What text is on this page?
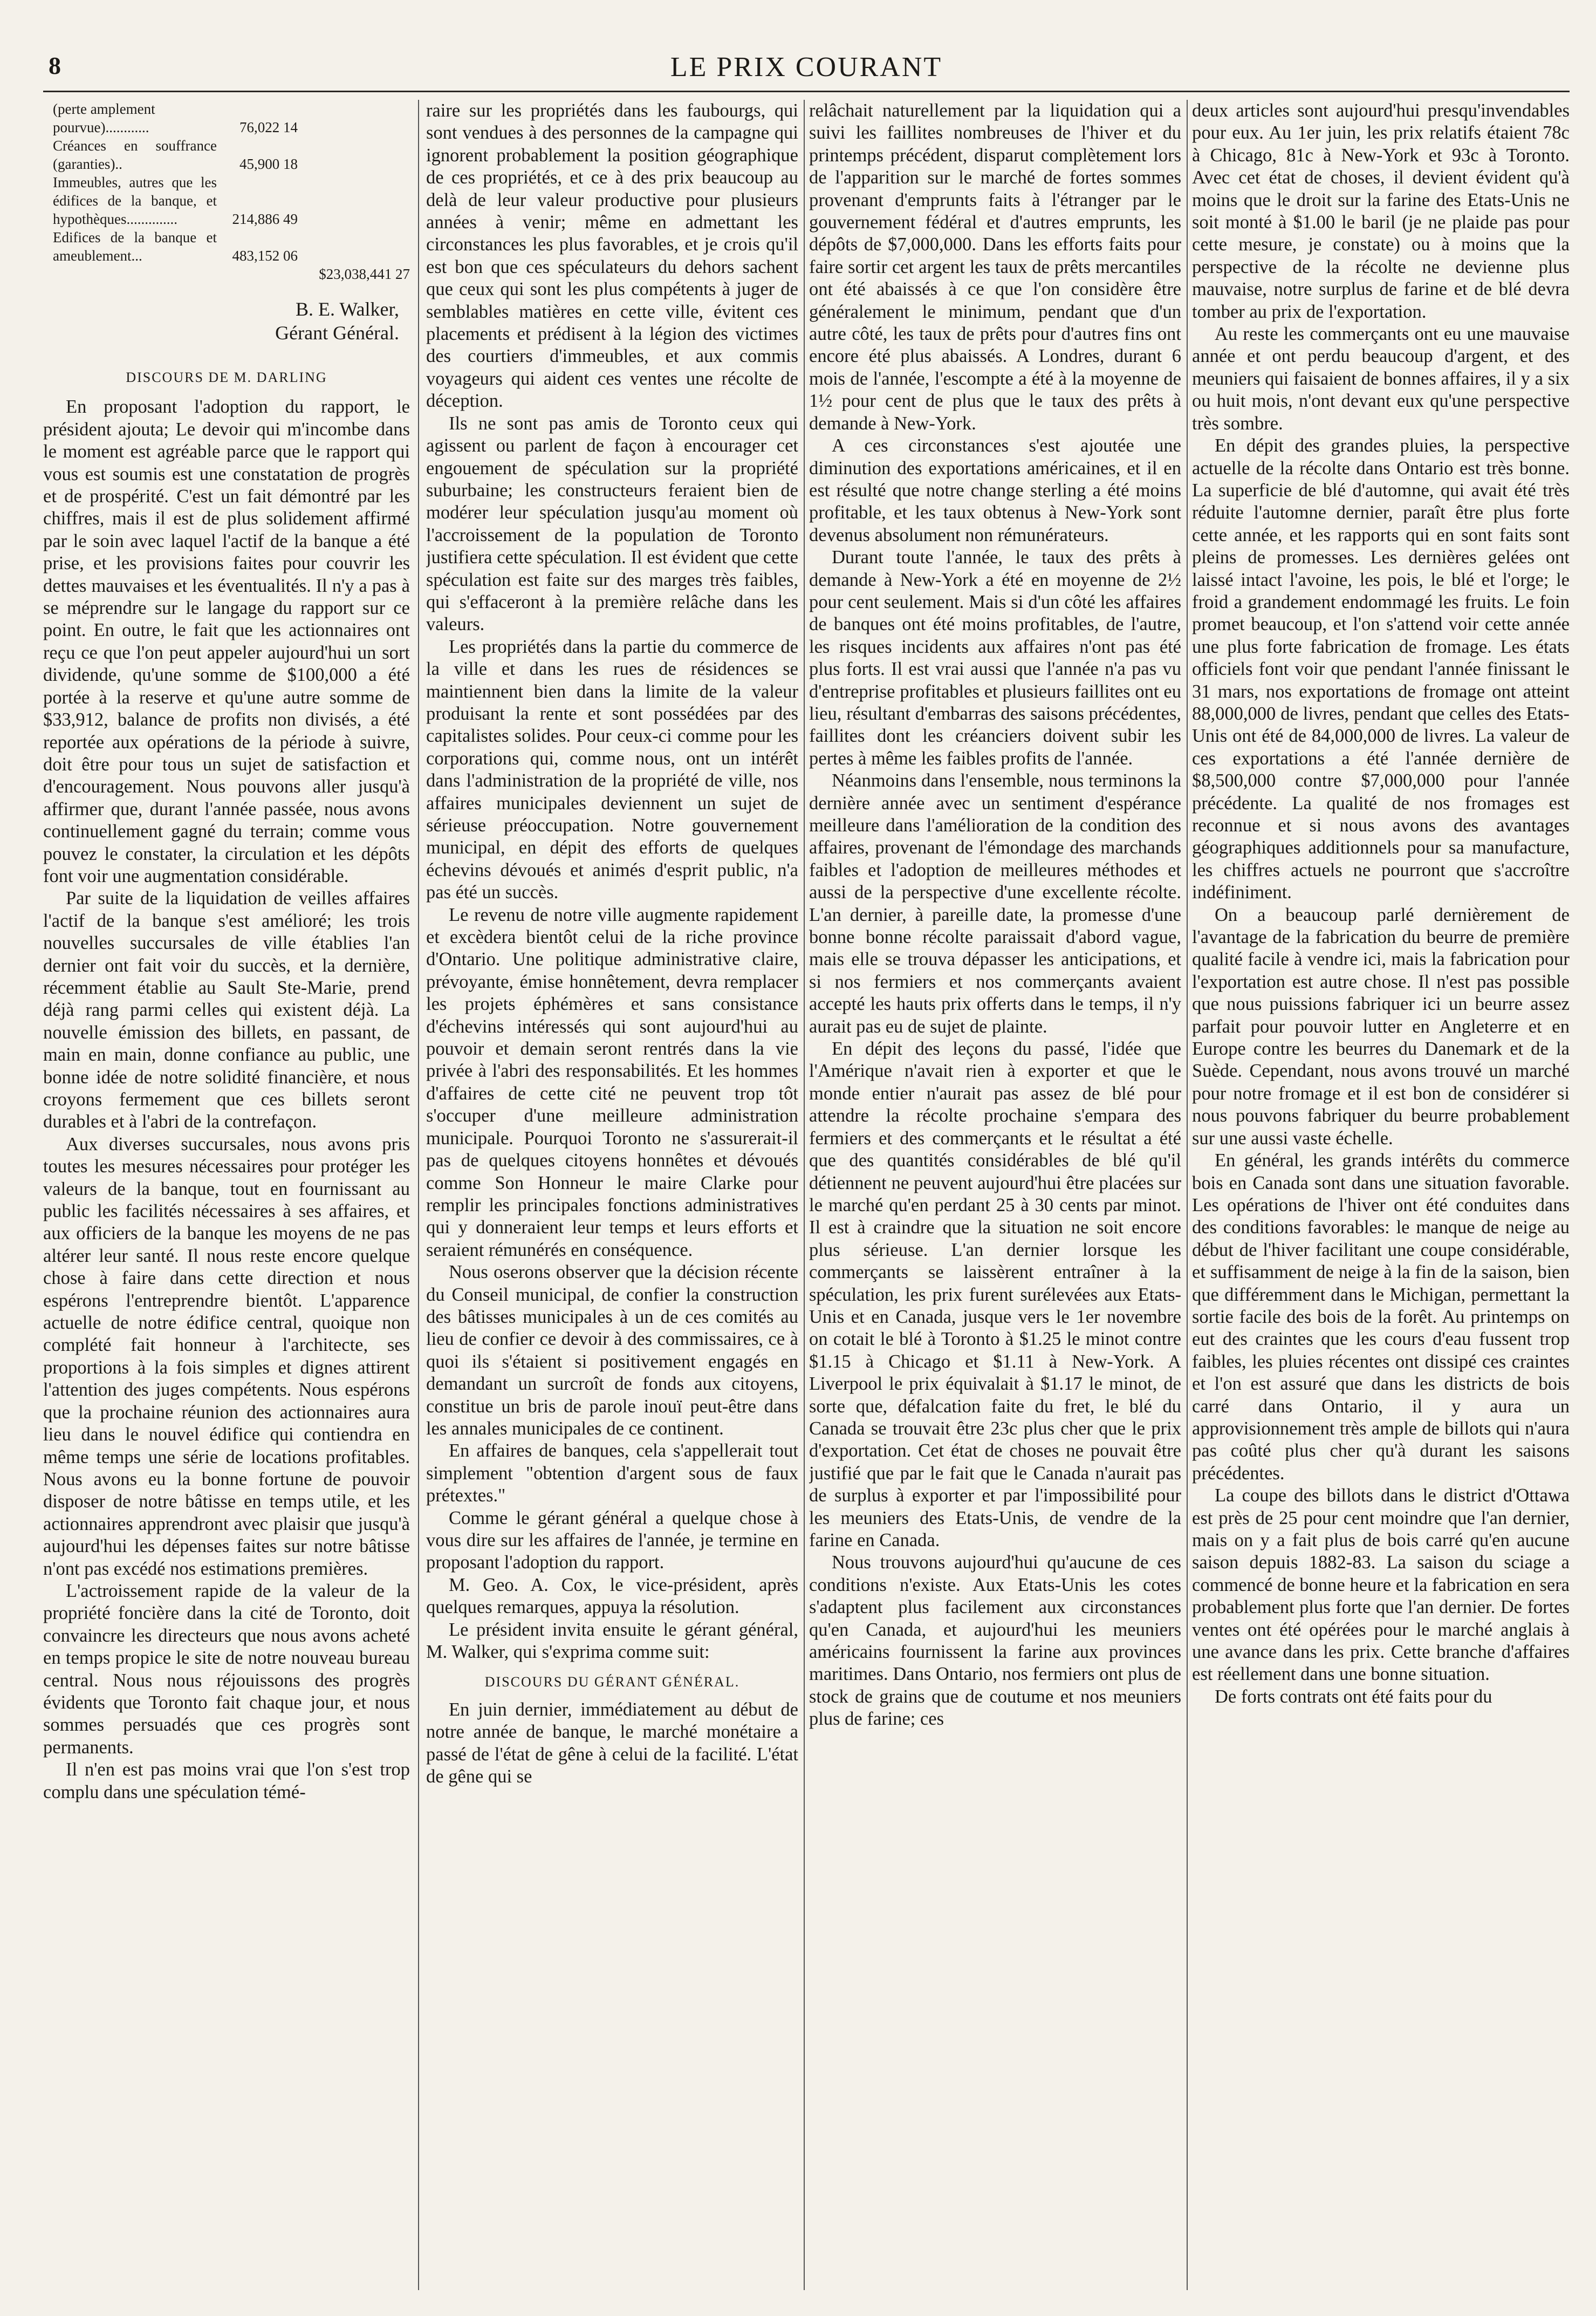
8	LE PRIX COURANT
(perte amplement		
pourvue)............	76,022 14	
Créances en souffrance (garanties)..	45,900 18	
Immeubles, autres que les édifices de la banque, et hypothèques..............	214,886 49	
Edifices de la banque et ameublement...	483,152 06	
		$23,038,441 27
B. E. Walker,
Gérant Général.
DISCOURS DE M. DARLING

En proposant l'adoption du rapport, le président ajouta; Le devoir qui m'incombe dans le moment est agréable parce que le rapport qui vous est soumis est une constatation de progrès et de prospérité. C'est un fait démontré par les chiffres, mais il est de plus solidement affirmé par le soin avec laquel l'actif de la banque a été prise, et les provisions faites pour couvrir les dettes mauvaises et les éventualités. Il n'y a pas à se méprendre sur le langage du rapport sur ce point. En outre, le fait que les actionnaires ont reçu ce que l'on peut appeler aujourd'hui un sort dividende, qu'une somme de $100,000 a été portée à la reserve et qu'une autre somme de $33,912, balance de profits non divisés, a été reportée aux opérations de la période à suivre, doit être pour tous un sujet de satisfaction et d'encouragement. Nous pouvons aller jusqu'à affirmer que, durant l'année passée, nous avons continuellement gagné du terrain; comme vous pouvez le constater, la circulation et les dépôts font voir une augmentation considérable.

Par suite de la liquidation de veilles affaires l'actif de la banque s'est amélioré; les trois nouvelles succursales de ville établies l'an dernier ont fait voir du succès, et la dernière, récemment établie au Sault Ste-Marie, prend déjà rang parmi celles qui existent déjà. La nouvelle émission des billets, en passant, de main en main, donne confiance au public, une bonne idée de notre solidité financière, et nous croyons fermement que ces billets seront durables et à l'abri de la contrefaçon.

Aux diverses succursales, nous avons pris toutes les mesures nécessaires pour protéger les valeurs de la banque, tout en fournissant au public les facilités nécessaires à ses affaires, et aux officiers de la banque les moyens de ne pas altérer leur santé. Il nous reste encore quelque chose à faire dans cette direction et nous espérons l'entreprendre bientôt. L'apparence actuelle de notre édifice central, quoique non complété fait honneur à l'architecte, ses proportions à la fois simples et dignes attirent l'attention des juges compétents. Nous espérons que la prochaine réunion des actionnaires aura lieu dans le nouvel édifice qui contiendra en même temps une série de locations profitables. Nous avons eu la bonne fortune de pouvoir disposer de notre bâtisse en temps utile, et les actionnaires apprendront avec plaisir que jusqu'à aujourd'hui les dépenses faites sur notre bâtisse n'ont pas excédé nos estimations premières.

L'actroissement rapide de la valeur de la propriété foncière dans la cité de Toronto, doit convaincre les directeurs que nous avons acheté en temps propice le site de notre nouveau bureau central. Nous nous réjouissons des progrès évidents que Toronto fait chaque jour, et nous sommes persuadés que ces progrès sont permanents.

Il n'en est pas moins vrai que l'on s'est trop complu dans une spéculation témé-

raire sur les propriétés dans les faubourgs, qui sont vendues à des personnes de la campagne qui ignorent probablement la position géographique de ces propriétés, et ce à des prix beaucoup au delà de leur valeur productive pour plusieurs années à venir; même en admettant les circonstances les plus favorables, et je crois qu'il est bon que ces spéculateurs du dehors sachent que ceux qui sont les plus compétents à juger de semblables matières en cette ville, évitent ces placements et prédisent à la légion des victimes des courtiers d'immeubles, et aux commis voyageurs qui aident ces ventes une récolte de déception.

Ils ne sont pas amis de Toronto ceux qui agissent ou parlent de façon à encourager cet engouement de spéculation sur la propriété suburbaine; les constructeurs feraient bien de modérer leur spéculation jusqu'au moment où l'accroissement de la population de Toronto justifiera cette spéculation. Il est évident que cette spéculation est faite sur des marges très faibles, qui s'effaceront à la première relâche dans les valeurs.

Les propriétés dans la partie du commerce de la ville et dans les rues de résidences se maintiennent bien dans la limite de la valeur produisant la rente et sont possédées par des capitalistes solides. Pour ceux-ci comme pour les corporations qui, comme nous, ont un intérêt dans l'administration de la propriété de ville, nos affaires municipales deviennent un sujet de sérieuse préoccupation. Notre gouvernement municipal, en dépit des efforts de quelques échevins dévoués et animés d'esprit public, n'a pas été un succès.

Le revenu de notre ville augmente rapidement et excèdera bientôt celui de la riche province d'Ontario. Une politique administrative claire, prévoyante, émise honnêtement, devra remplacer les projets éphémères et sans consistance d'échevins intéressés qui sont aujourd'hui au pouvoir et demain seront rentrés dans la vie privée à l'abri des responsabilités. Et les hommes d'affaires de cette cité ne peuvent trop tôt s'occuper d'une meilleure administration municipale. Pourquoi Toronto ne s'assurerait-il pas de quelques citoyens honnêtes et dévoués comme Son Honneur le maire Clarke pour remplir les principales fonctions administratives qui y donneraient leur temps et leurs efforts et seraient rémunérés en conséquence.

Nous oserons observer que la décision récente du Conseil municipal, de confier la construction des bâtisses municipales à un de ces comités au lieu de confier ce devoir à des commissaires, ce à quoi ils s'étaient si positivement engagés en demandant un surcroît de fonds aux citoyens, constitue un bris de parole inouï peut-être dans les annales municipales de ce continent.

En affaires de banques, cela s'appellerait tout simplement "obtention d'argent sous de faux prétextes."

Comme le gérant général a quelque chose à vous dire sur les affaires de l'année, je termine en proposant l'adoption du rapport.

M. Geo. A. Cox, le vice-président, après quelques remarques, appuya la résolution.

Le président invita ensuite le gérant général, M. Walker, qui s'exprima comme suit:

DISCOURS DU GÉRANT GÉNÉRAL.

En juin dernier, immédiatement au début de notre année de banque, le marché monétaire a passé de l'état de gêne à celui de la facilité. L'état de gêne qui se

relâchait naturellement par la liquidation qui a suivi les faillites nombreuses de l'hiver et du printemps précédent, disparut complètement lors de l'apparition sur le marché de fortes sommes provenant d'emprunts faits à l'étranger par le gouvernement fédéral et d'autres emprunts, les dépôts de $7,000,000. Dans les efforts faits pour faire sortir cet argent les taux de prêts mercantiles ont été abaissés à ce que l'on considère être généralement le minimum, pendant que d'un autre côté, les taux de prêts pour d'autres fins ont encore été plus abaissés. A Londres, durant 6 mois de l'année, l'escompte a été à la moyenne de 1½ pour cent de plus que le taux des prêts à demande à New-York.

A ces circonstances s'est ajoutée une diminution des exportations américaines, et il en est résulté que notre change sterling a été moins profitable, et les taux obtenus à New-York sont devenus absolument non rémunérateurs.

Durant toute l'année, le taux des prêts à demande à New-York a été en moyenne de 2½ pour cent seulement. Mais si d'un côté les affaires de banques ont été moins profitables, de l'autre, les risques incidents aux affaires n'ont pas été plus forts. Il est vrai aussi que l'année n'a pas vu d'entreprise profitables et plusieurs faillites ont eu lieu, résultant d'embarras des saisons précédentes, faillites dont les créanciers doivent subir les pertes à même les faibles profits de l'année.

Néanmoins dans l'ensemble, nous terminons la dernière année avec un sentiment d'espérance meilleure dans l'amélioration de la condition des affaires, provenant de l'émondage des marchands faibles et l'adoption de meilleures méthodes et aussi de la perspective d'une excellente récolte. L'an dernier, à pareille date, la promesse d'une bonne bonne récolte paraissait d'abord vague, mais elle se trouva dépasser les anticipations, et si nos fermiers et nos commerçants avaient accepté les hauts prix offerts dans le temps, il n'y aurait pas eu de sujet de plainte.

En dépit des leçons du passé, l'idée que l'Amérique n'avait rien à exporter et que le monde entier n'aurait pas assez de blé pour attendre la récolte prochaine s'empara des fermiers et des commerçants et le résultat a été que des quantités considérables de blé qu'il détiennent ne peuvent aujourd'hui être placées sur le marché qu'en perdant 25 à 30 cents par minot. Il est à craindre que la situation ne soit encore plus sérieuse. L'an dernier lorsque les commerçants se laissèrent entraîner à la spéculation, les prix furent surélevées aux Etats-Unis et en Canada, jusque vers le 1er novembre on cotait le blé à Toronto à $1.25 le minot contre $1.15 à Chicago et $1.11 à New-York. A Liverpool le prix équivalait à $1.17 le minot, de sorte que, défalcation faite du fret, le blé du Canada se trouvait être 23c plus cher que le prix d'exportation. Cet état de choses ne pouvait être justifié que par le fait que le Canada n'aurait pas de surplus à exporter et par l'impossibilité pour les meuniers des Etats-Unis, de vendre de la farine en Canada.

Nous trouvons aujourd'hui qu'aucune de ces conditions n'existe. Aux Etats-Unis les cotes s'adaptent plus facilement aux circonstances qu'en Canada, et aujourd'hui les meuniers américains fournissent la farine aux provinces maritimes. Dans Ontario, nos fermiers ont plus de stock de grains que de coutume et nos meuniers plus de farine; ces

deux articles sont aujourd'hui presqu'invendables pour eux. Au 1er juin, les prix relatifs étaient 78c à Chicago, 81c à New-York et 93c à Toronto. Avec cet état de choses, il devient évident qu'à moins que le droit sur la farine des Etats-Unis ne soit monté à $1.00 le baril (je ne plaide pas pour cette mesure, je constate) ou à moins que la perspective de la récolte ne devienne plus mauvaise, notre surplus de farine et de blé devra tomber au prix de l'exportation.

Au reste les commerçants ont eu une mauvaise année et ont perdu beaucoup d'argent, et des meuniers qui faisaient de bonnes affaires, il y a six ou huit mois, n'ont devant eux qu'une perspective très sombre.

En dépit des grandes pluies, la perspective actuelle de la récolte dans Ontario est très bonne. La superficie de blé d'automne, qui avait été très réduite l'automne dernier, paraît être plus forte cette année, et les rapports qui en sont faits sont pleins de promesses. Les dernières gelées ont laissé intact l'avoine, les pois, le blé et l'orge; le froid a grandement endommagé les fruits. Le foin promet beaucoup, et l'on s'attend voir cette année une plus forte fabrication de fromage. Les états officiels font voir que pendant l'année finissant le 31 mars, nos exportations de fromage ont atteint 88,000,000 de livres, pendant que celles des Etats-Unis ont été de 84,000,000 de livres. La valeur de ces exportations a été l'année dernière de $8,500,000 contre $7,000,000 pour l'année précédente. La qualité de nos fromages est reconnue et si nous avons des avantages géographiques additionnels pour sa manufacture, les chiffres actuels ne pourront que s'accroître indéfiniment.

On a beaucoup parlé dernièrement de l'avantage de la fabrication du beurre de première qualité facile à vendre ici, mais la fabrication pour l'exportation est autre chose. Il n'est pas possible que nous puissions fabriquer ici un beurre assez parfait pour pouvoir lutter en Angleterre et en Europe contre les beurres du Danemark et de la Suède. Cependant, nous avons trouvé un marché pour notre fromage et il est bon de considérer si nous pouvons fabriquer du beurre probablement sur une aussi vaste échelle.

En général, les grands intérêts du commerce bois en Canada sont dans une situation favorable. Les opérations de l'hiver ont été conduites dans des conditions favorables: le manque de neige au début de l'hiver facilitant une coupe considérable, et suffisamment de neige à la fin de la saison, bien que différemment dans le Michigan, permettant la sortie facile des bois de la forêt. Au printemps on eut des craintes que les cours d'eau fussent trop faibles, les pluies récentes ont dissipé ces craintes et l'on est assuré que dans les districts de bois carré dans Ontario, il y aura un approvisionnement très ample de billots qui n'aura pas coûté plus cher qu'à durant les saisons précédentes.

La coupe des billots dans le district d'Ottawa est près de 25 pour cent moindre que l'an dernier, mais on y a fait plus de bois carré qu'en aucune saison depuis 1882-83. La saison du sciage a commencé de bonne heure et la fabrication en sera probablement plus forte que l'an dernier. De fortes ventes ont été opérées pour le marché anglais à une avance dans les prix. Cette branche d'affaires est réellement dans une bonne situation.

De forts contrats ont été faits pour du
